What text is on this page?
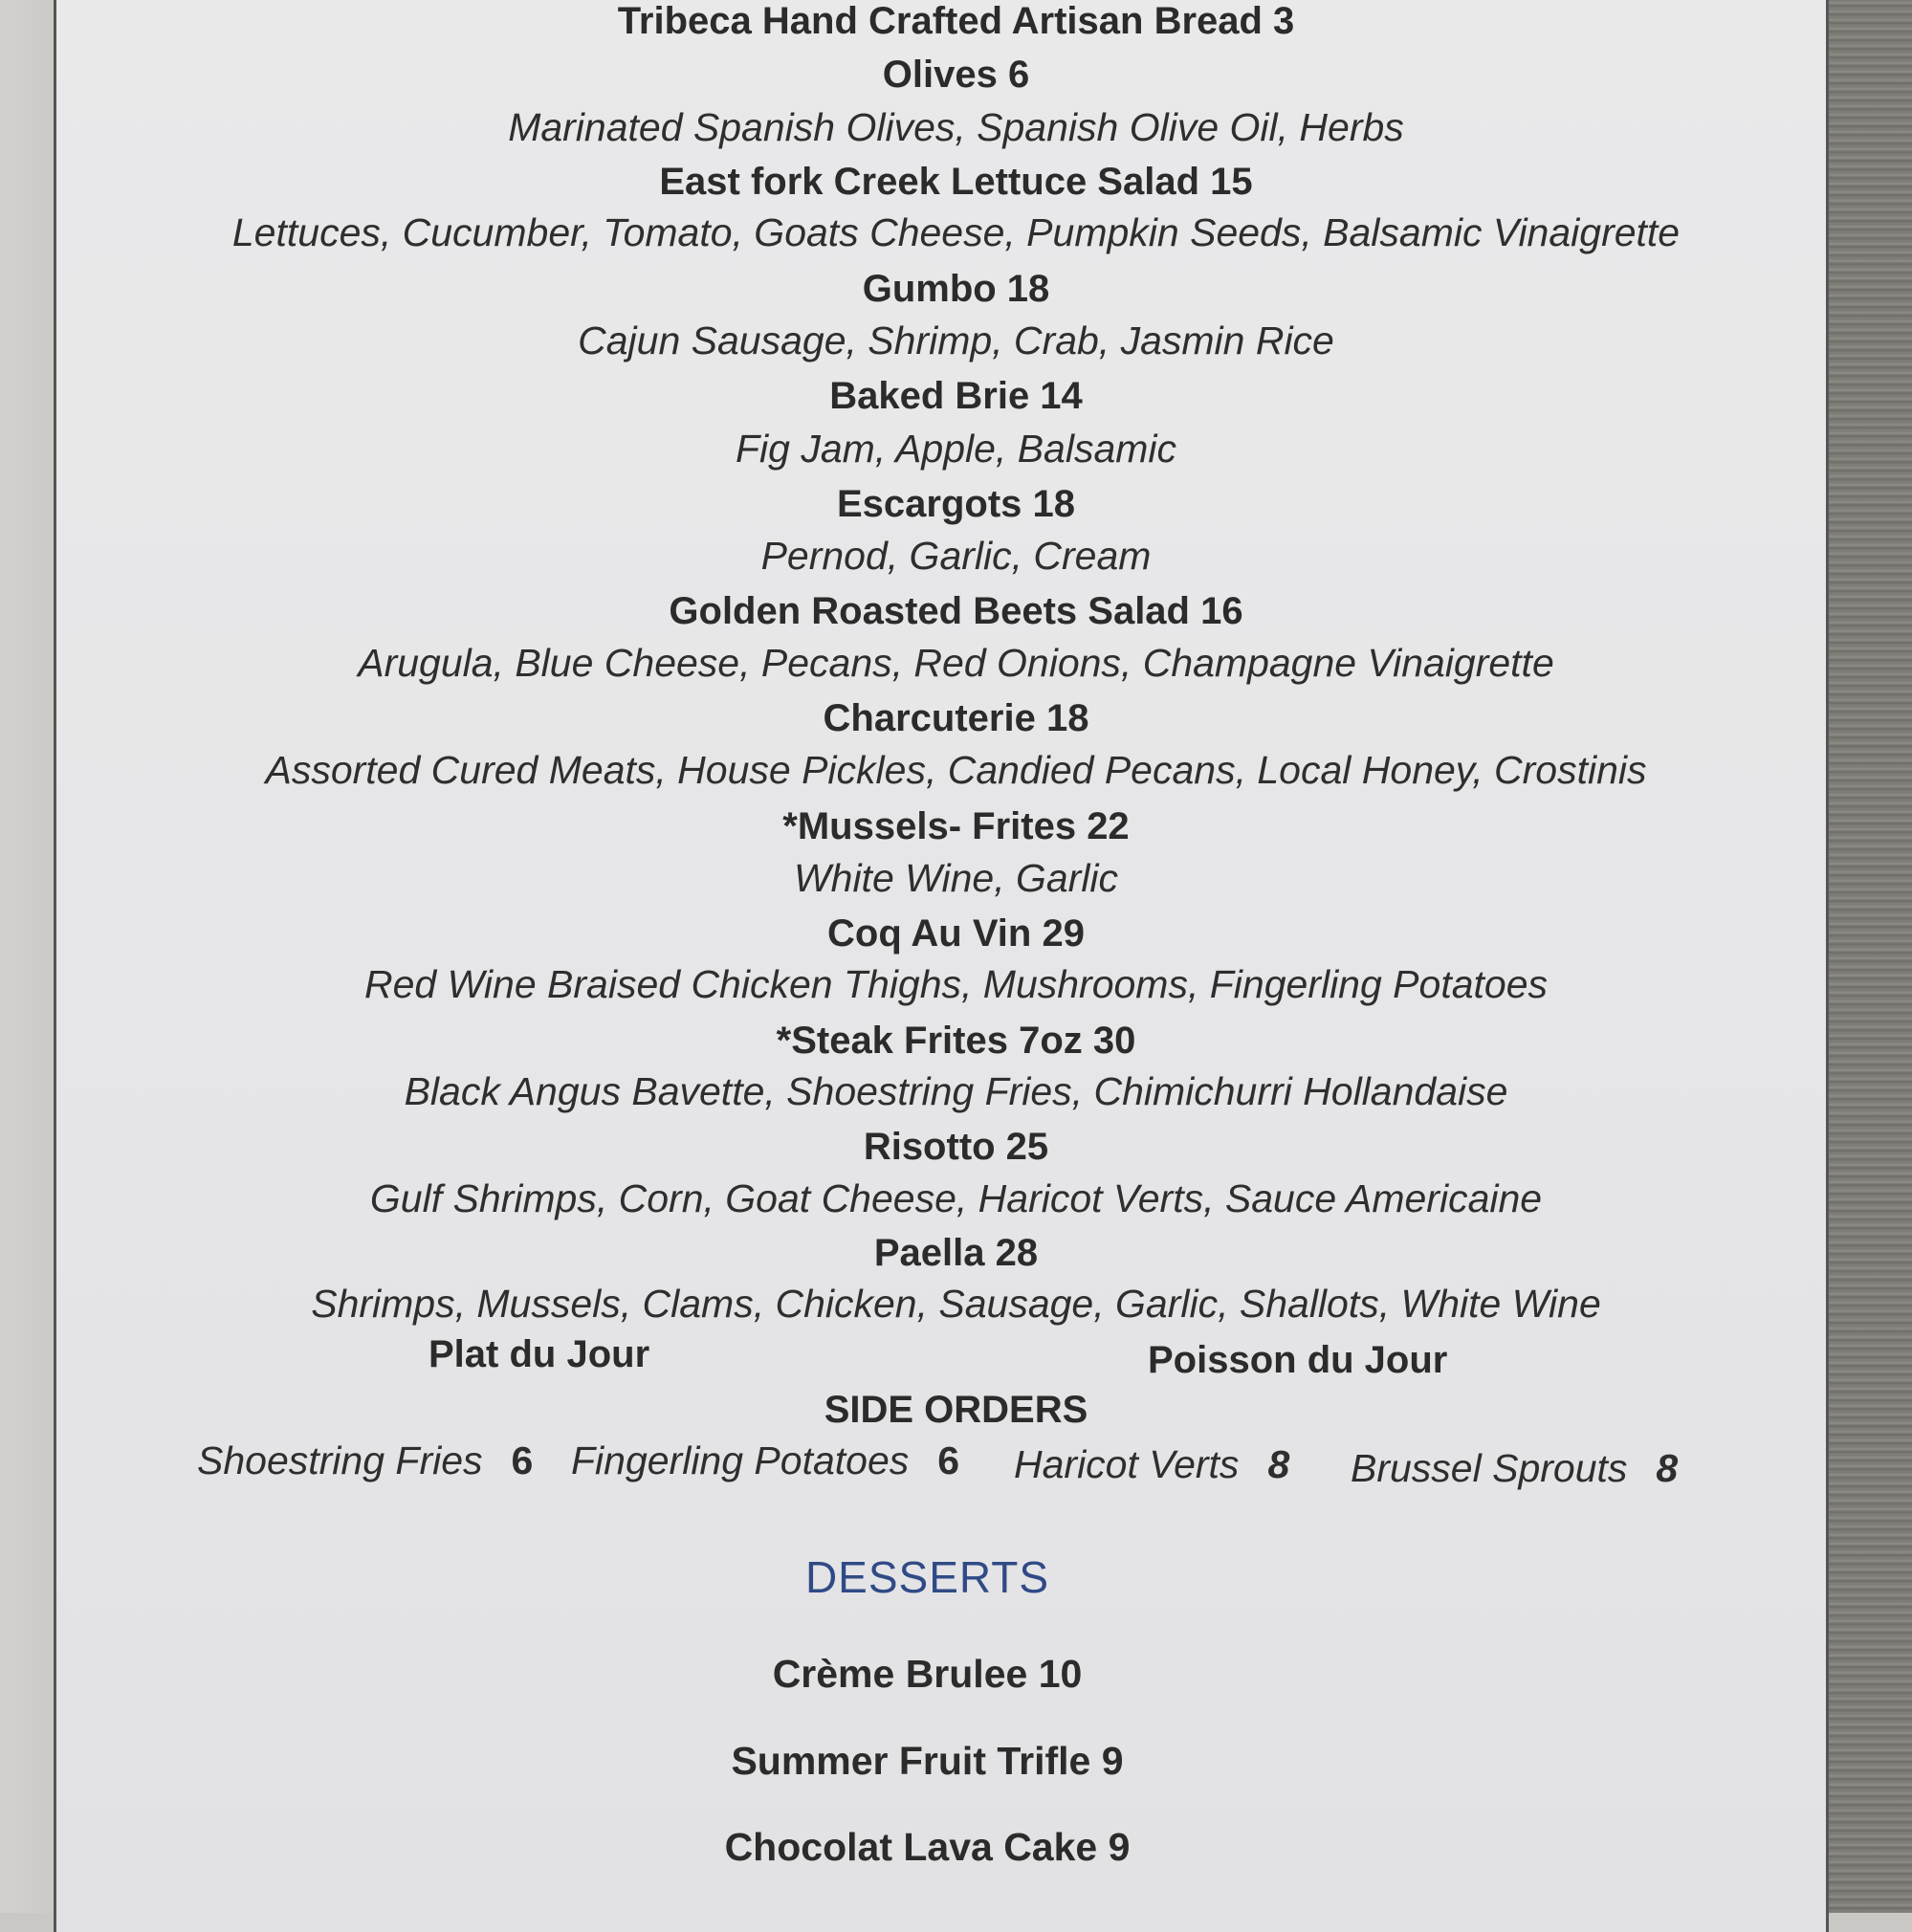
Tribeca Hand Crafted Artisan Bread 3
Olives 6
Marinated Spanish Olives, Spanish Olive Oil, Herbs
East fork Creek Lettuce Salad 15
Lettuces, Cucumber, Tomato, Goats Cheese, Pumpkin Seeds, Balsamic Vinaigrette
Gumbo 18
Cajun Sausage, Shrimp, Crab, Jasmin Rice
Baked Brie 14
Fig Jam, Apple, Balsamic
Escargots 18
Pernod, Garlic, Cream
Golden Roasted Beets Salad 16
Arugula, Blue Cheese, Pecans, Red Onions, Champagne Vinaigrette
Charcuterie 18
Assorted Cured Meats, House Pickles, Candied Pecans, Local Honey, Crostinis
*Mussels- Frites 22
White Wine, Garlic
Coq Au Vin 29
Red Wine Braised Chicken Thighs, Mushrooms, Fingerling Potatoes
*Steak Frites 7oz 30
Black Angus Bavette, Shoestring Fries, Chimichurri Hollandaise
Risotto 25
Gulf Shrimps, Corn, Goat Cheese, Haricot Verts, Sauce Americaine
Paella 28
Shrimps, Mussels, Clams, Chicken, Sausage, Garlic, Shallots, White Wine
Plat du Jour	Poisson du Jour
SIDE ORDERS
Shoestring Fries 6 Fingerling Potatoes 6 Haricot Verts 8 Brussel Sprouts 8
DESSERTS
Crème Brulee 10
Summer Fruit Trifle 9
Chocolat Lava Cake 9
